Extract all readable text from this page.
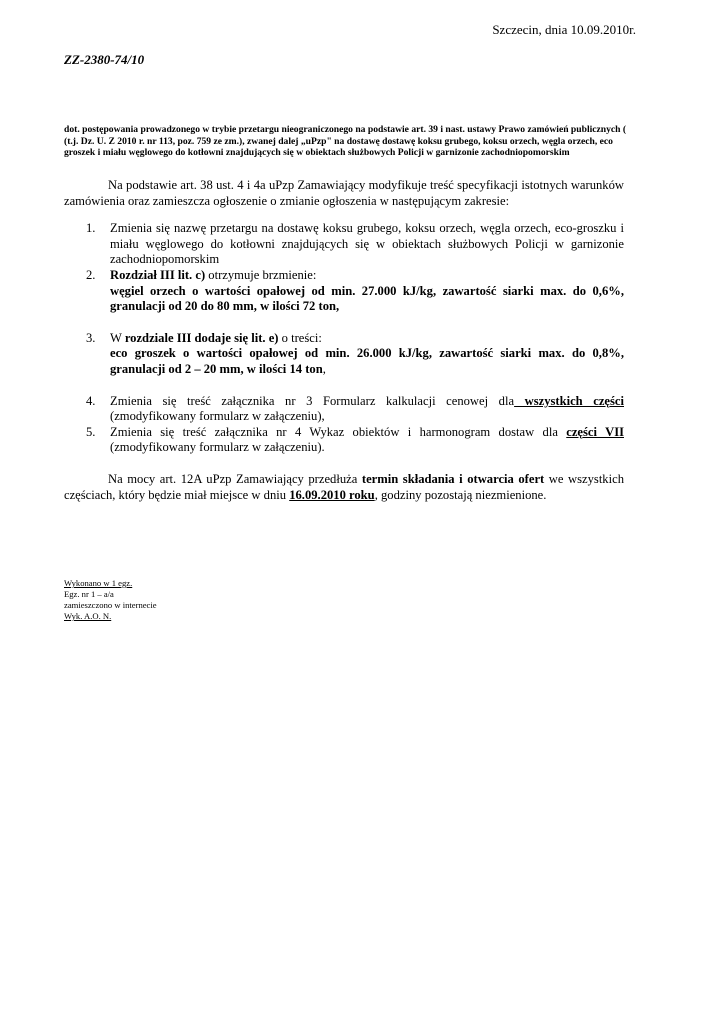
Szczecin, dnia 10.09.2010r.
ZZ-2380-74/10
dot. postępowania prowadzonego w trybie przetargu nieograniczonego na podstawie art. 39 i nast. ustawy Prawo zamówień publicznych (
(t.j. Dz. U. Z 2010 r. nr 113, poz. 759 ze zm.), zwanej dalej „uPzp" na dostawę dostawę koksu grubego, koksu orzech, węgla orzech, eco
groszek i miału węglowego do kotłowni znajdujących się w obiektach służbowych Policji w garnizonie zachodniopomorskim

Na podstawie art. 38 ust. 4 i 4a uPzp Zamawiający modyfikuje treść specyfikacji istotnych warunków zamówienia oraz zamieszcza ogłoszenie o zmianie ogłoszenia w następującym zakresie:

1. Zmienia się nazwę przetargu na dostawę koksu grubego, koksu orzech, węgla orzech, eco-groszku i miału węglowego do kotłowni znajdujących się w obiektach służbowych Policji w garnizonie zachodniopomorskim
2. Rozdział III lit. c) otrzymuje brzmienie:
węgiel orzech o wartości opałowej od min. 27.000 kJ/kg, zawartość siarki max. do 0,6%, granulacji od 20 do 80 mm, w ilości 72 ton,
3. W rozdziale III dodaje się lit. e) o treści:
eco groszek o wartości opałowej od min. 26.000 kJ/kg, zawartość siarki max. do 0,8%, granulacji od 2 – 20 mm, w ilości 14 ton,
4. Zmienia się treść załącznika nr 3 Formularz kalkulacji cenowej dla wszystkich części (zmodyfikowany formularz w załączeniu),
5. Zmienia się treść załącznika nr 4 Wykaz obiektów i harmonogram dostaw dla części VII (zmodyfikowany formularz w załączeniu).

Na mocy art. 12A uPzp Zamawiający przedłuża termin składania i otwarcia ofert we wszystkich częściach, który będzie miał miejsce w dniu 16.09.2010 roku, godziny pozostają niezmienione.

Wykonano w 1 egz.
Egz. nr 1 – a/a
zamieszczono w internecie
Wyk. A.O. N.
